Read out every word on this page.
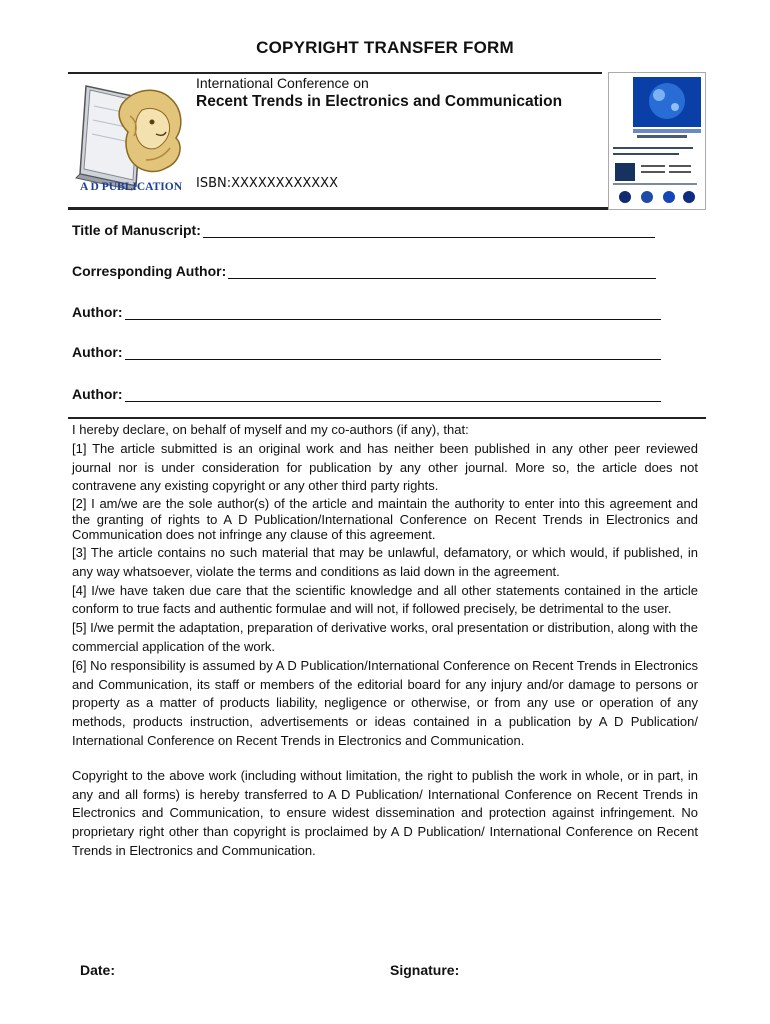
COPYRIGHT TRANSFER FORM
A D PUBLICATION
International Conference on
Recent Trends in Electronics and Communication
ISBN:XXXXXXXXXXXX
Title of Manuscript:
Corresponding Author:
Author:
Author:
Author:

I hereby declare, on behalf of myself and my co-authors (if any), that:

[1] The article submitted is an original work and has neither been published in any other peer reviewed journal nor is under consideration for publication by any other journal. More so, the article does not contravene any existing copyright or any other third party rights.

[2] I am/we are the sole author(s) of the article and maintain the authority to enter into this agreement and the granting of rights to A D Publication/International Conference on Recent Trends in Electronics and Communication does not infringe any clause of this agreement.

[3] The article contains no such material that may be unlawful, defamatory, or which would, if published, in any way whatsoever, violate the terms and conditions as laid down in the agreement.

[4] I/we have taken due care that the scientific knowledge and all other statements contained in the article conform to true facts and authentic formulae and will not, if followed precisely, be detrimental to the user.

[5] I/we permit the adaptation, preparation of derivative works, oral presentation or distribution, along with the commercial application of the work.

[6] No responsibility is assumed by A D Publication/International Conference on Recent Trends in Electronics and Communication, its staff or members of the editorial board for any injury and/or damage to persons or property as a matter of products liability, negligence or otherwise, or from any use or operation of any methods, products instruction, advertisements or ideas contained in a publication by A D Publication/ International Conference on Recent Trends in Electronics and Communication.

Copyright to the above work (including without limitation, the right to publish the work in whole, or in part, in any and all forms) is hereby transferred to A D Publication/ International Conference on Recent Trends in Electronics and Communication, to ensure widest dissemination and protection against infringement. No proprietary right other than copyright is proclaimed by A D Publication/ International Conference on Recent Trends in Electronics and Communication.

Date:	Signature:
